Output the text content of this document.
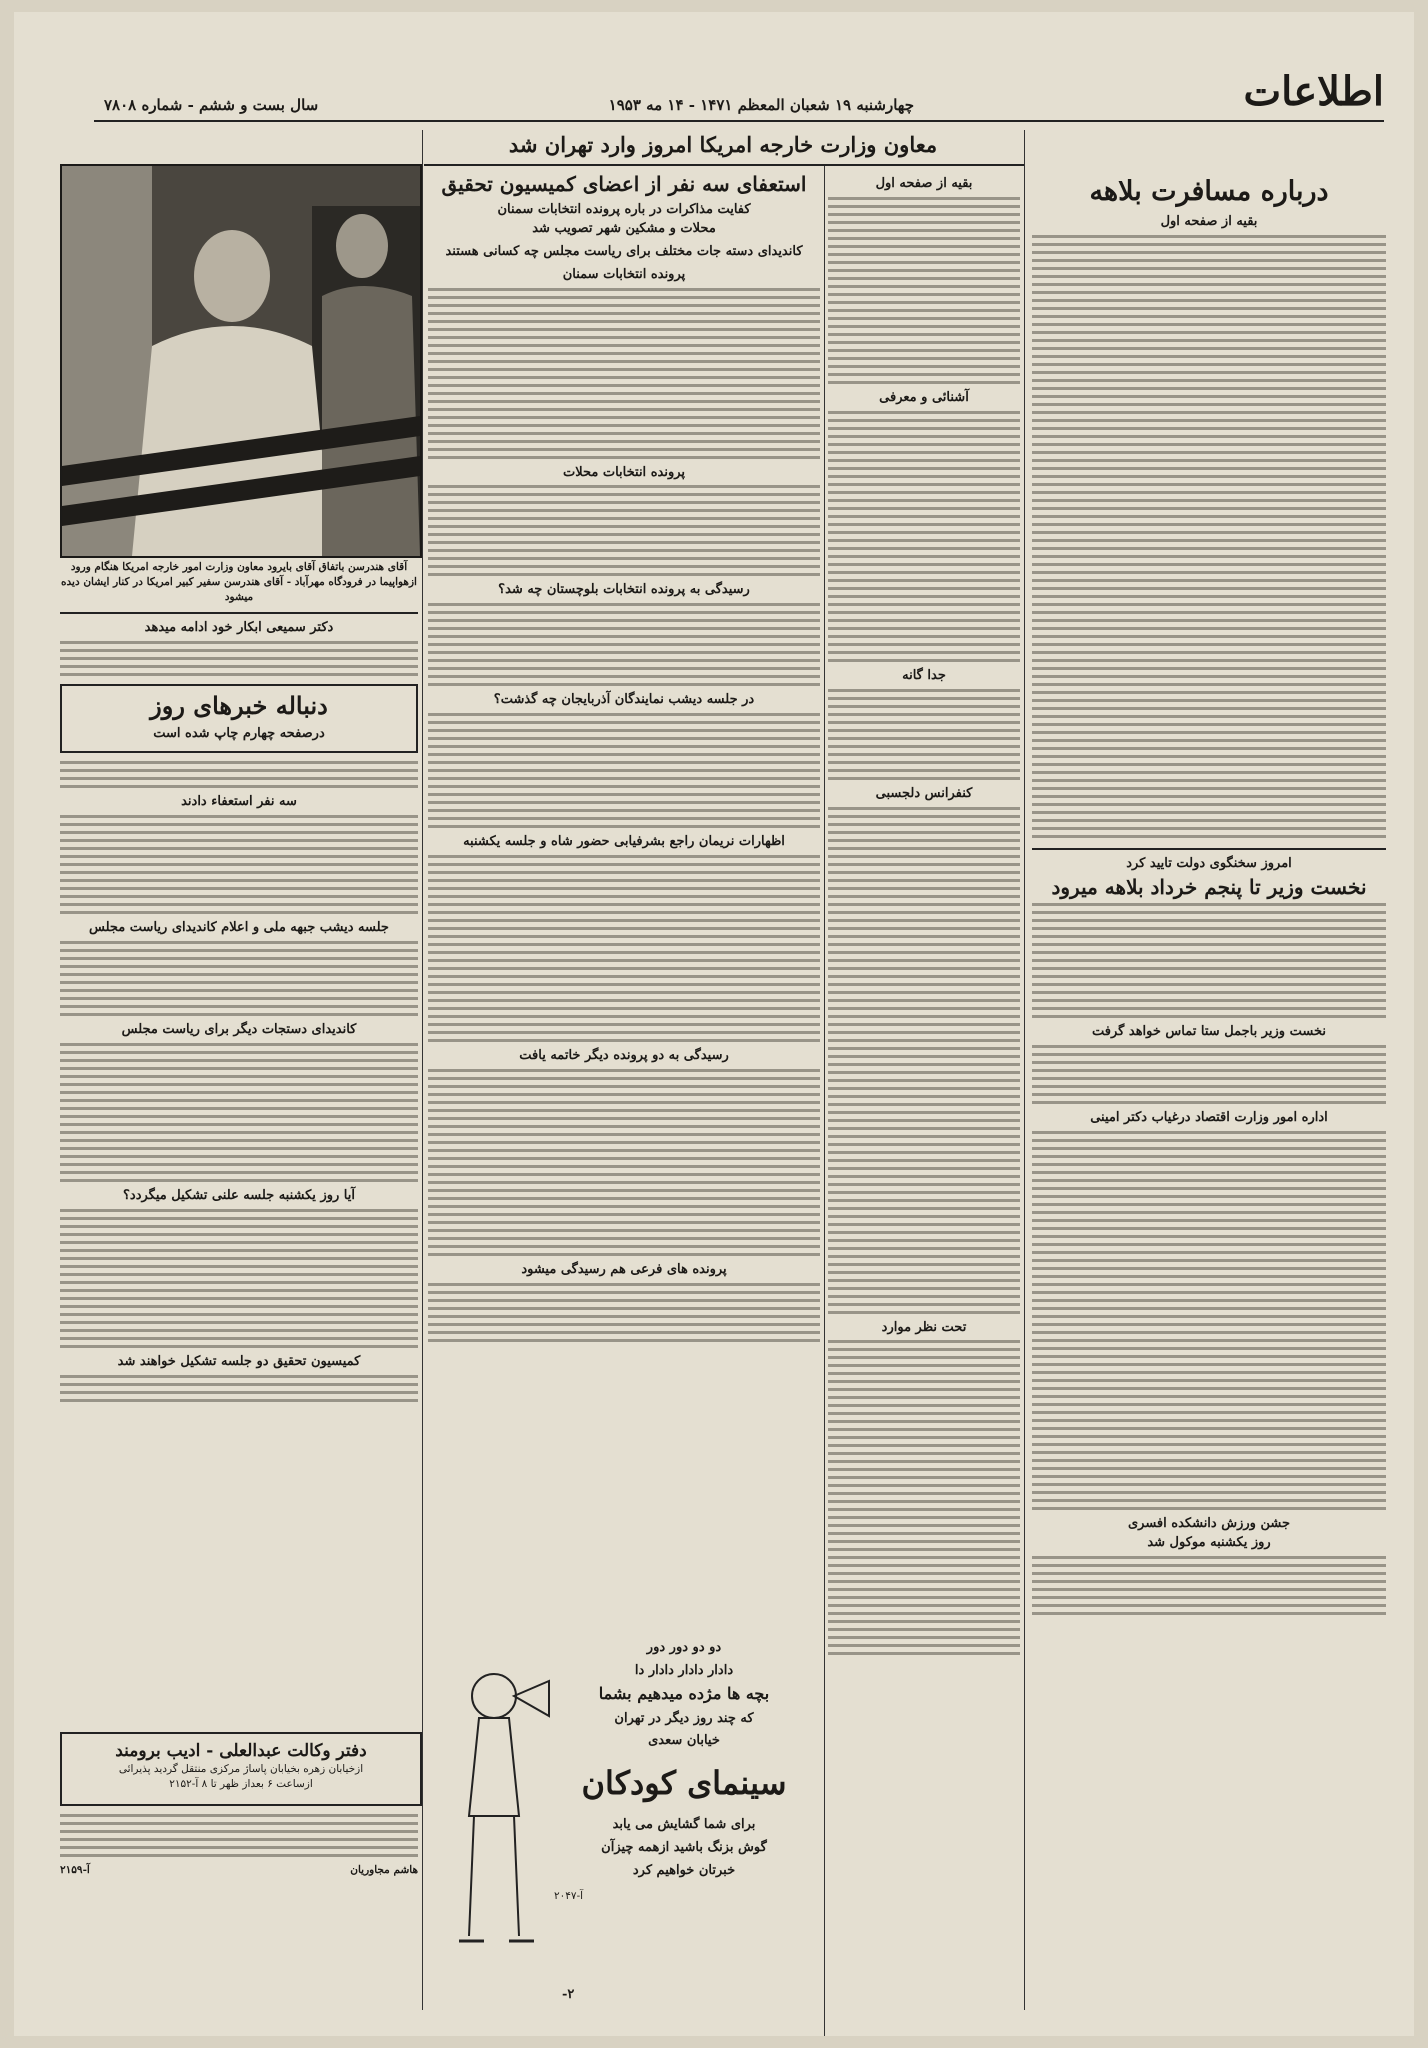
اطلاعات
چهارشنبه ۱۹ شعبان المعظم ۱۴۷۱ - ۱۴ مه ۱۹۵۳
سال بست و ششم - شماره ۷۸۰۸
معاون وزارت خارجه امریکا امروز وارد تهران شد
درباره مسافرت بلاهه
بقیه از صفحه اول
امروز سخنگوی دولت تایید کرد
نخست وزیر تا پنجم خرداد بلاهه میرود
نخست وزیر باجمل ستا تماس خواهد گرفت
اداره امور وزارت اقتصاد درغیاب دکتر امینی
جشن ورزش دانشکده افسری
روز یکشنبه موکول شد
بقیه از صفحه اول
آشنائی و معرفی
جدا گانه
کنفرانس دلجسبی
تحت نظر موارد
استعفای سه نفر از اعضای کمیسیون تحقیق
کفایت مذاکرات در باره پرونده انتخابات سمنان
محلات و مشکین شهر تصویب شد
کاندیدای دسته جات مختلف برای ریاست مجلس چه کسانی هستند
پرونده انتخابات سمنان
پرونده انتخابات محلات
رسیدگی به پرونده انتخابات بلوچستان چه شد؟
در جلسه دیشب نمایندگان آذربایجان چه گذشت؟
اظهارات نریمان راجع بشرفیابی حضور شاه و جلسه یکشنبه
رسیدگی به دو پرونده دیگر خاتمه یافت
پرونده های فرعی هم رسیدگی میشود
دو دو دور دور
دادار دادار دادار دا
بچه ها مژده میدهیم بشما
که چند روز دیگر در تهران
خیابان سعدی
سینمای کودکان
برای شما گشایش می یابد
گوش بزنگ باشید ازهمه چیزآن
خبرتان خواهیم کرد
آ-۲۰۴۷
۲-
آقای هندرسن باتفاق آقای بایرود معاون وزارت امور خارجه امریکا هنگام ورود ازهواپیما در فرودگاه مهرآباد - آقای هندرسن سفیر کبیر امریکا در کنار ایشان دیده میشود
دکتر سمیعی ابکار خود ادامه میدهد
دنباله خبرهای روز
درصفحه چهارم چاپ شده است
سه نفر استعفاء دادند
جلسه دیشب جبهه ملی و اعلام کاندیدای ریاست مجلس
کاندیدای دستجات دیگر برای ریاست مجلس
آیا روز یکشنبه جلسه علنی تشکیل میگردد؟
کمیسیون تحقیق دو جلسه تشکیل خواهند شد
دفتر وکالت عبدالعلی - ادیب برومند
ازخیابان زهره بخیابان پاساژ مرکزی منتقل گردید پذیرائی
ازساعت ۶ بعداز ظهر تا ۸ آ-۲۱۵۲
هاشم مجاوریان
آ-۲۱۵۹
